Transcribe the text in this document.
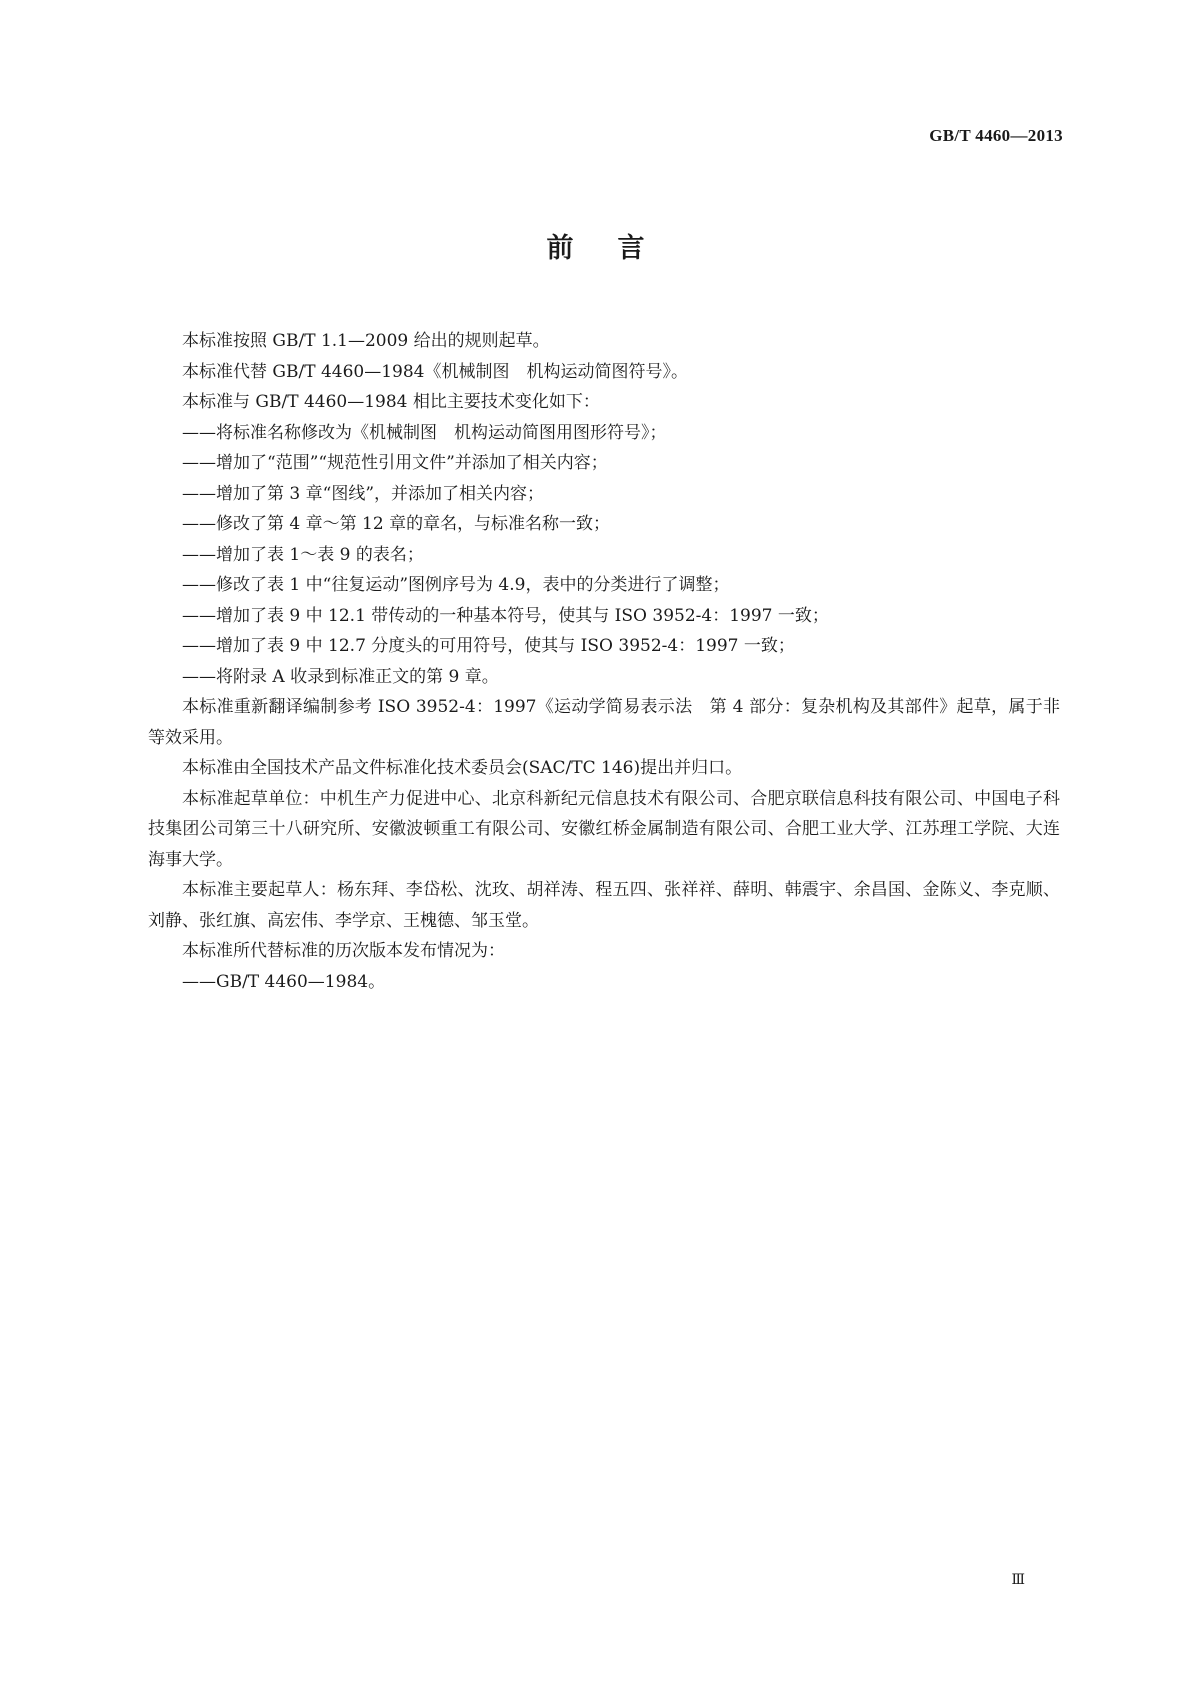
GB/T 4460—2013
前言

本标准按照 GB/T 1.1—2009 给出的规则起草。

本标准代替 GB/T 4460—1984《机械制图　机构运动简图符号》。

本标准与 GB/T 4460—1984 相比主要技术变化如下：

——将标准名称修改为《机械制图　机构运动简图用图形符号》；

——增加了“范围”“规范性引用文件”并添加了相关内容；

——增加了第 3 章“图线”，并添加了相关内容；

——修改了第 4 章～第 12 章的章名，与标准名称一致；

——增加了表 1～表 9 的表名；

——修改了表 1 中“往复运动”图例序号为 4.9，表中的分类进行了调整；

——增加了表 9 中 12.1 带传动的一种基本符号，使其与 ISO 3952-4：1997 一致；

——增加了表 9 中 12.7 分度头的可用符号，使其与 ISO 3952-4：1997 一致；

——将附录 A 收录到标准正文的第 9 章。

本标准重新翻译编制参考 ISO 3952-4：1997《运动学简易表示法　第 4 部分：复杂机构及其部件》起草，属于非等效采用。

本标准由全国技术产品文件标准化技术委员会(SAC/TC 146)提出并归口。

本标准起草单位：中机生产力促进中心、北京科新纪元信息技术有限公司、合肥京联信息科技有限公司、中国电子科技集团公司第三十八研究所、安徽波顿重工有限公司、安徽红桥金属制造有限公司、合肥工业大学、江苏理工学院、大连海事大学。

本标准主要起草人：杨东拜、李岱松、沈玫、胡祥涛、程五四、张祥祥、薛明、韩震宇、余昌国、金陈义、李克顺、刘静、张红旗、高宏伟、李学京、王槐德、邹玉堂。

本标准所代替标准的历次版本发布情况为：

——GB/T 4460—1984。

Ⅲ
